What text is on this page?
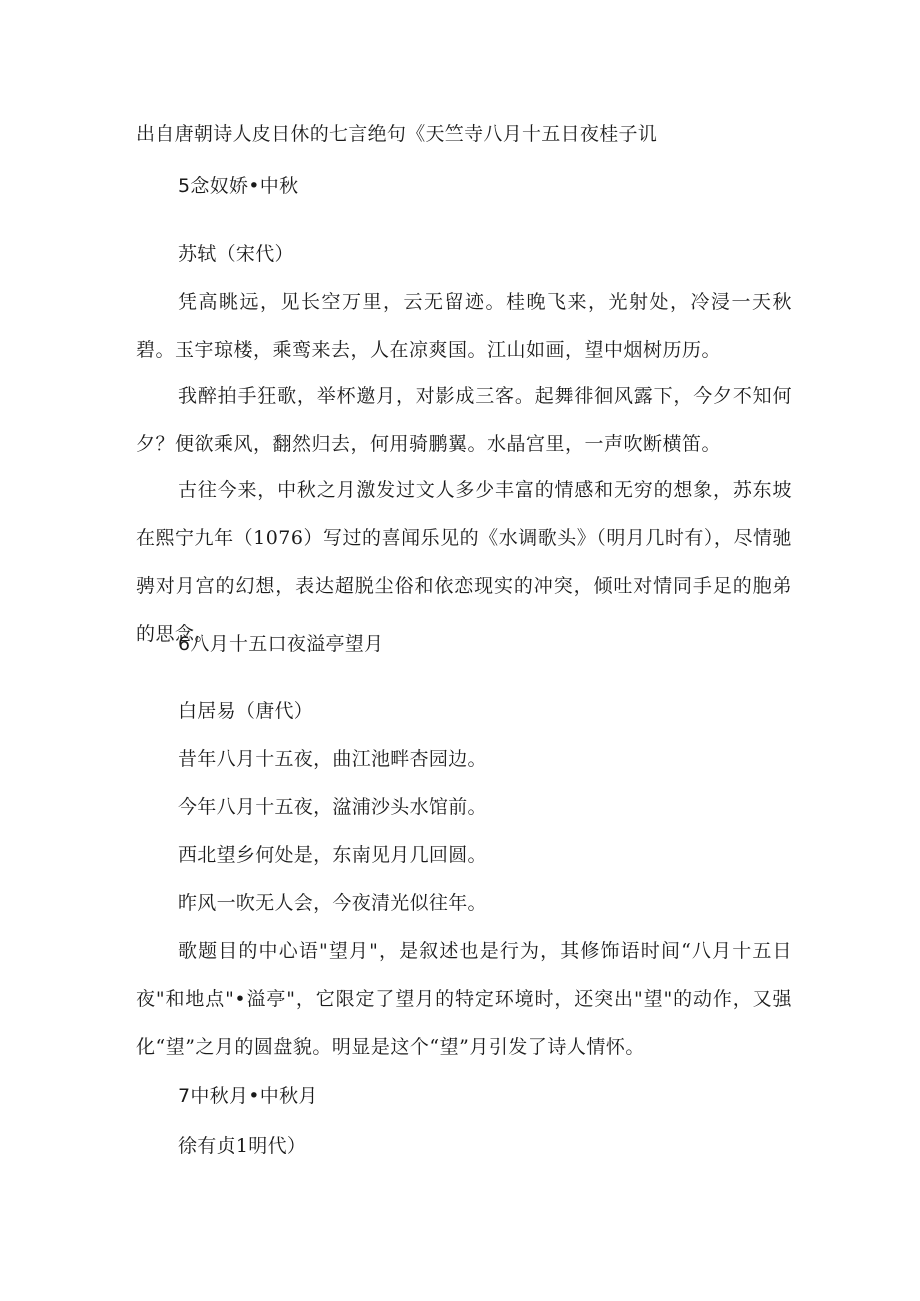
出自唐朝诗人皮日休的七言绝句《天竺寺八月十五日夜桂子讥
5念奴娇•中秋
苏轼（宋代）
凭高眺远，见长空万里，云无留迹。桂晚飞来，光射处，冷浸一天秋碧。玉宇琼楼，乘鸾来去，人在凉爽国。江山如画，望中烟树历历。
我醉拍手狂歌，举杯邀月，对影成三客。起舞徘徊风露下，今夕不知何夕？便欲乘风，翻然归去，何用骑鹏翼。水晶宫里，一声吹断横笛。
古往今来，中秋之月激发过文人多少丰富的情感和无穷的想象，苏东坡在熙宁九年（1076）写过的喜闻乐见的《水调歌头》（明月几时有），尽情驰骋对月宫的幻想，表达超脱尘俗和依恋现实的冲突，倾吐对情同手足的胞弟的思念。
6八月十五口夜溢亭望月
白居易（唐代）
昔年八月十五夜，曲江池畔杏园边。
今年八月十五夜，湓浦沙头水馆前。
西北望乡何处是，东南见月几回圆。
昨风一吹无人会，今夜清光似往年。
歌题目的中心语"望月"，是叙述也是行为，其修饰语时间“八月十五日夜"和地点"•溢亭"，它限定了望月的特定环境时，还突出"望"的动作，又强化“望”之月的圆盘貌。明显是这个“望”月引发了诗人情怀。
7中秋月•中秋月
徐有贞1明代）
